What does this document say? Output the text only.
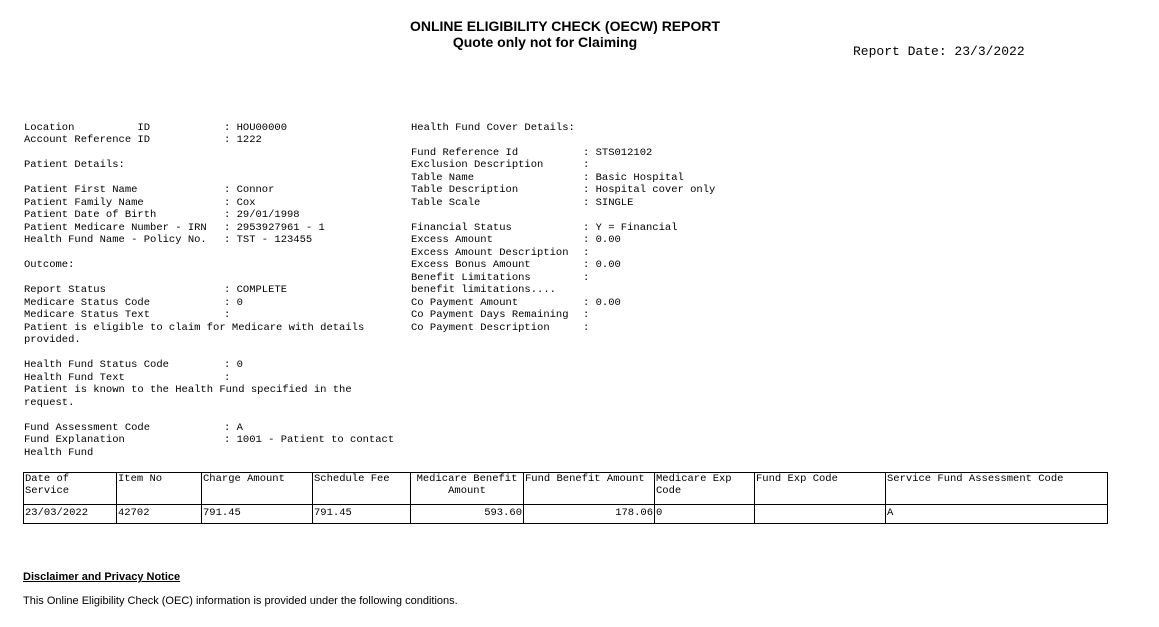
ONLINE ELIGIBILITY CHECK (OECW) REPORT
Quote only not for Claiming
Report Date: 23/3/2022
Location          ID	: HOU00000
Account Reference ID	: 1222
Patient Details:
Patient First Name	: Connor
Patient Family Name	: Cox
Patient Date of Birth	: 29/01/1998
Patient Medicare Number - IRN : 2953927961 - 1
Health Fund Name - Policy No. : TST - 123455
Outcome:
Report Status	: COMPLETE
Medicare Status Code	: 0
Medicare Status Text	:
Patient is eligible to claim for Medicare with details
provided.
Health Fund Status Code	: 0
Health Fund Text	:
Patient is known to the Health Fund specified in the
request.
Fund Assessment Code	: A
Fund Explanation	: 1001 - Patient to contact
Health Fund
Health Fund Cover Details:
Fund Reference Id	: STS012102
Exclusion Description	:
Table Name	: Basic Hospital
Table Description	: Hospital cover only
Table Scale	: SINGLE
Financial Status	: Y = Financial
Excess Amount	: 0.00
Excess Amount Description :
Excess Bonus Amount	: 0.00
Benefit Limitations	:
benefit limitations....
Co Payment Amount	: 0.00
Co Payment Days Remaining :
Co Payment Description	:
Date of Service	Item No	Charge Amount	Schedule Fee	Medicare Benefit Amount	Fund Benefit Amount	Medicare Exp Code	Fund Exp Code	Service Fund Assessment Code

23/03/2022	42702	791.45	791.45	593.60	178.06	0		A
Disclaimer and Privacy Notice
This Online Eligibility Check (OEC) information is provided under the following conditions.
